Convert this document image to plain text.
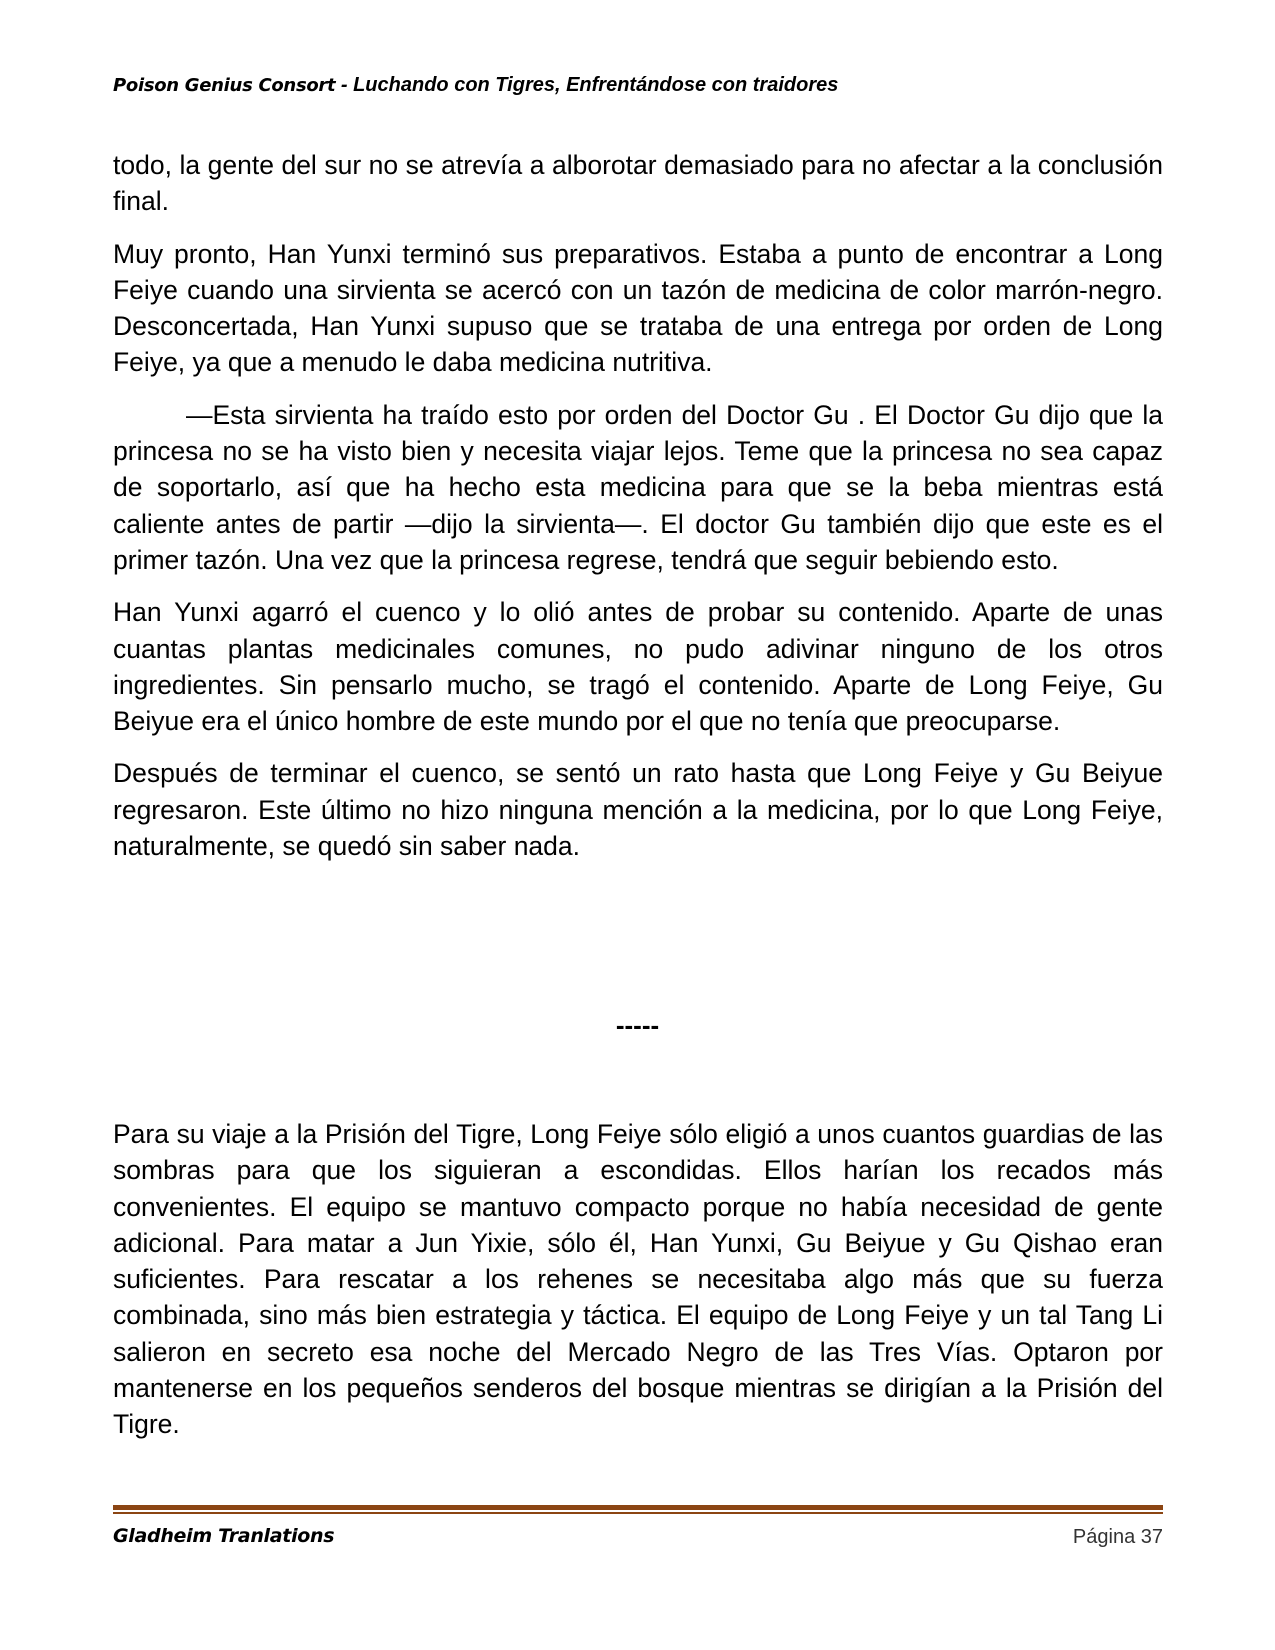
Poison Genius Consort - Luchando con Tigres, Enfrentándose con traidores

todo, la gente del sur no se atrevía a alborotar demasiado para no afectar a la conclusión final.

Muy pronto, Han Yunxi terminó sus preparativos. Estaba a punto de encontrar a Long Feiye cuando una sirvienta se acercó con un tazón de medicina de color marrón-negro. Desconcertada, Han Yunxi supuso que se trataba de una entrega por orden de Long Feiye, ya que a menudo le daba medicina nutritiva.

—Esta sirvienta ha traído esto por orden del Doctor Gu . El Doctor Gu dijo que la princesa no se ha visto bien y necesita viajar lejos. Teme que la princesa no sea capaz de soportarlo, así que ha hecho esta medicina para que se la beba mientras está caliente antes de partir —dijo la sirvienta—. El doctor Gu también dijo que este es el primer tazón. Una vez que la princesa regrese, tendrá que seguir bebiendo esto.

Han Yunxi agarró el cuenco y lo olió antes de probar su contenido. Aparte de unas cuantas plantas medicinales comunes, no pudo adivinar ninguno de los otros ingredientes. Sin pensarlo mucho, se tragó el contenido. Aparte de Long Feiye, Gu Beiyue era el único hombre de este mundo por el que no tenía que preocuparse.

Después de terminar el cuenco, se sentó un rato hasta que Long Feiye y Gu Beiyue regresaron. Este último no hizo ninguna mención a la medicina, por lo que Long Feiye, naturalmente, se quedó sin saber nada.

-----

Para su viaje a la Prisión del Tigre, Long Feiye sólo eligió a unos cuantos guardias de las sombras para que los siguieran a escondidas. Ellos harían los recados más convenientes. El equipo se mantuvo compacto porque no había necesidad de gente adicional. Para matar a Jun Yixie, sólo él, Han Yunxi, Gu Beiyue y Gu Qishao eran suficientes. Para rescatar a los rehenes se necesitaba algo más que su fuerza combinada, sino más bien estrategia y táctica. El equipo de Long Feiye y un tal Tang Li salieron en secreto esa noche del Mercado Negro de las Tres Vías. Optaron por mantenerse en los pequeños senderos del bosque mientras se dirigían a la Prisión del Tigre.

Gladheim Tranlations	Página 37
